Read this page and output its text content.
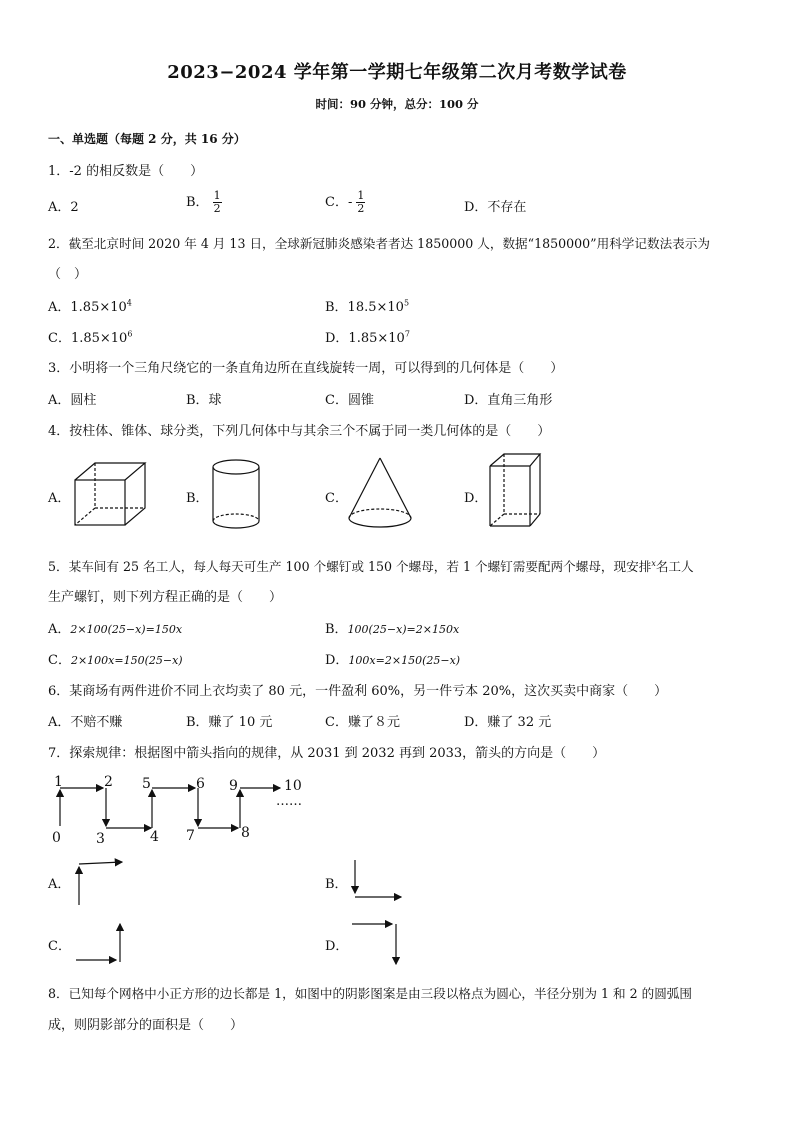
2023−2024 学年第一学期七年级第二次月考数学试卷
时间：90 分钟，总分：100 分
一、单选题（每题 2 分，共 16 分）
1．-2 的相反数是（　　）
A．2	B． $\frac{1}{2}$	C．- $\frac{1}{2}$	D．不存在
2．截至北京时间 2020 年 4 月 13 日，全球新冠肺炎感染者者达 1850000 人，数据“1850000”用科学记数法表示为
（　）
A．$1.85\times 10^4$	B．$18.5\times 10^5$
C．$1.85\times 10^6$	D．$1.85\times 10^7$
3．小明将一个三角尺绕它的一条直角边所在直线旋转一周，可以得到的几何体是（　　）
A．圆柱	B．球	C．圆锥	D．直角三角形
4．按柱体、锥体、球分类，下列几何体中与其余三个不属于同一类几何体的是（　　）
A．	B．	C．	D．
5．某车间有 25 名工人，每人每天可生产 100 个螺钉或 150 个螺母，若 1 个螺钉需要配两个螺母，现安排$^x$名工人
生产螺钉，则下列方程正确的是（　　）
A．2×100(25−x)=150x	B．100(25−x)=2×150x
C．2×100x=150(25−x)	D．100x=2×150(25−x)
6．某商场有两件进价不同上衣均卖了 80 元，一件盈利 60%，另一件亏本 20%，这次买卖中商家（　　）
A．不赔不赚	B．赚了 10 元	C．赚了８元	D．赚了 32 元
7．探索规律：根据图中箭头指向的规律，从 2031 到 2032 再到 2033，箭头的方向是（　　）
0
1	2
3	4
5	6
7	8
9	10
……
A．	B．
C．	D．
8．已知每个网格中小正方形的边长都是 1，如图中的阴影图案是由三段以格点为圆心，半径分别为 1 和 2 的圆弧围
成，则阴影部分的面积是（　　）
